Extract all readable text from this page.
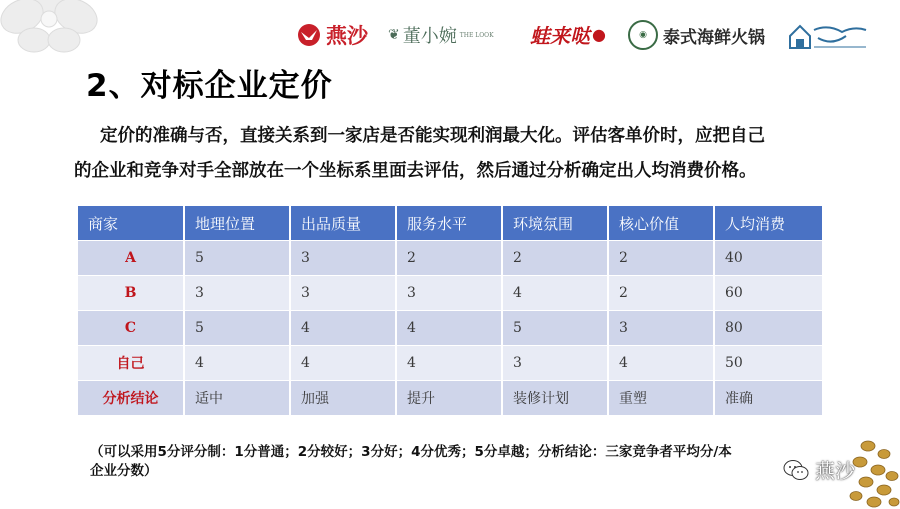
燕沙 ❦ 董小婉 THE LOOK 蛙来哒 ●	◉ 泰式海鲜火锅
2、对标企业定价
定价的准确与否，直接关系到一家店是否能实现利润最大化。评估客单价时，应把自己
的企业和竞争对手全部放在一个坐标系里面去评估，然后通过分析确定出人均消费价格。
商家	地理位置	出品质量	服务水平	环境氛围	核心价值	人均消费
A	5	3	2	2	2	40
B	3	3	3	4	2	60
C	5	4	4	5	3	80
自己	4	4	4	3	4	50
分析结论	适中	加强	提升	装修计划	重塑	准确
（可以采用5分评分制：1分普通；2分较好；3分好；4分优秀；5分卓越；分析结论：三家竞争者平均分/本
企业分数）	燕沙
